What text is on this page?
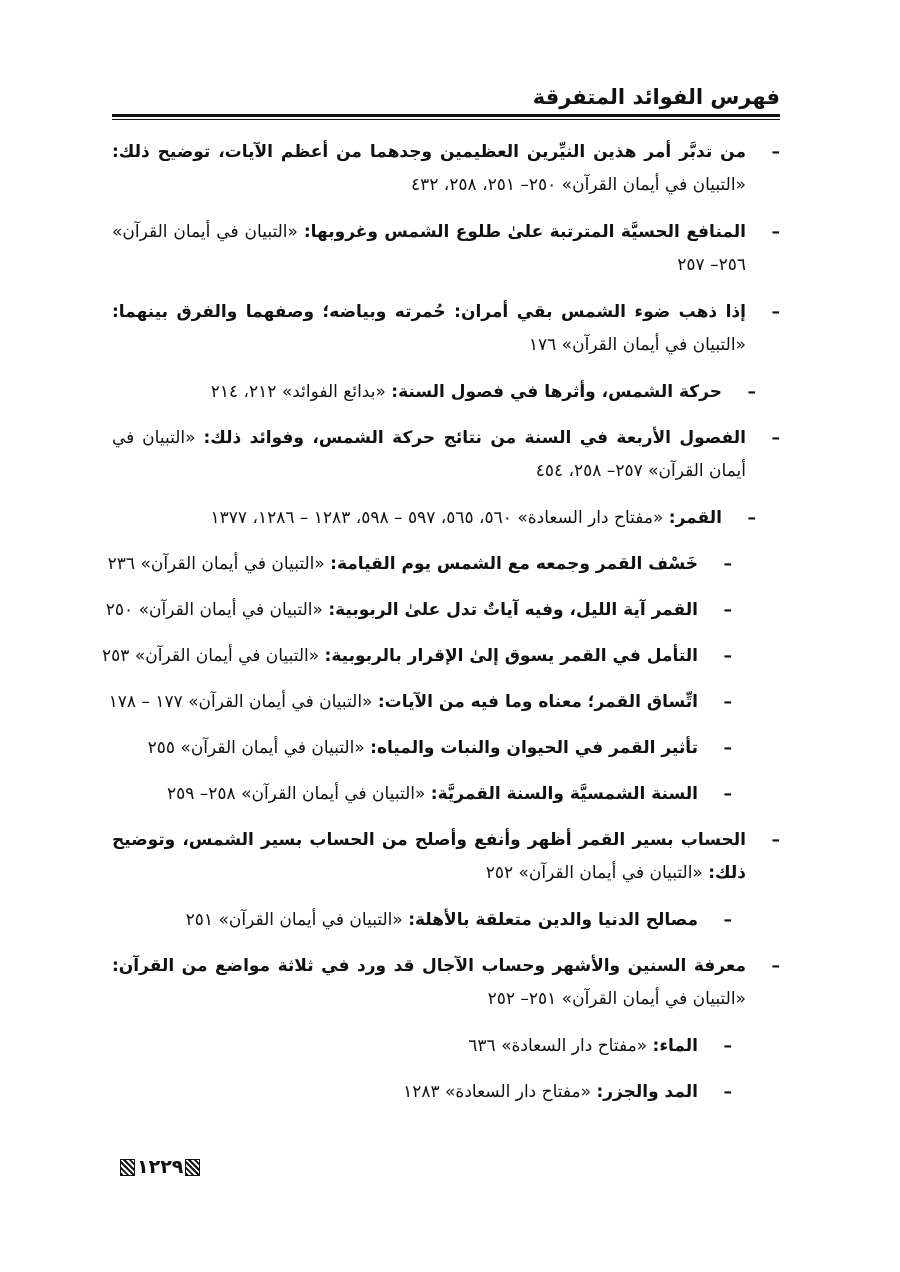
فهرس الفوائد المتفرقة
–
من تدبَّر أمر هذين النيِّرين العظيمين وجدهما من أعظم الآيات، توضيح ذلك: «التبيان في أيمان القرآن» ٢٥٠– ٢٥١، ٢٥٨، ٤٣٢
–
المنافع الحسيَّة المترتبة علىٰ طلوع الشمس وغروبها: «التبيان في أيمان القرآن» ٢٥٦– ٢٥٧
–
إذا ذهب ضوء الشمس بقي أمران: حُمرته وبياضه؛ وصفهما والفرق بينهما: «التبيان في أيمان القرآن» ١٧٦
–
حركة الشمس، وأثرها في فصول السنة: «بدائع الفوائد» ٢١٢، ٢١٤
–
الفصول الأربعة في السنة من نتائج حركة الشمس، وفوائد ذلك: «التبيان في أيمان القرآن» ٢٥٧– ٢٥٨، ٤٥٤
–
القمر: «مفتاح دار السعادة» ٥٦٠، ٥٦٥، ٥٩٧ – ٥٩٨، ١٢٨٣ – ١٢٨٦، ١٣٧٧
–
خَسْف القمر وجمعه مع الشمس يوم القيامة: «التبيان في أيمان القرآن» ٢٣٦
–
القمر آية الليل، وفيه آياتٌ تدل علىٰ الربوبية: «التبيان في أيمان القرآن» ٢٥٠
–
التأمل في القمر يسوق إلىٰ الإقرار بالربوبية: «التبيان في أيمان القرآن» ٢٥٣
–
اتِّساق القمر؛ معناه وما فيه من الآيات: «التبيان في أيمان القرآن» ١٧٧ – ١٧٨
–
تأثير القمر في الحيوان والنبات والمياه: «التبيان في أيمان القرآن» ٢٥٥
–
السنة الشمسيَّة والسنة القمريَّة: «التبيان في أيمان القرآن» ٢٥٨– ٢٥٩
–
الحساب بسير القمر أظهر وأنفع وأصلح من الحساب بسير الشمس، وتوضيح ذلك: «التبيان في أيمان القرآن» ٢٥٢
–
مصالح الدنيا والدين متعلقة بالأهلة: «التبيان في أيمان القرآن» ٢٥١
–
معرفة السنين والأشهر وحساب الآجال قد ورد في ثلاثة مواضع من القرآن: «التبيان في أيمان القرآن» ٢٥١– ٢٥٢
–
الماء: «مفتاح دار السعادة» ٦٣٦
–
المد والجزر: «مفتاح دار السعادة» ١٢٨٣
١٢٢٩
